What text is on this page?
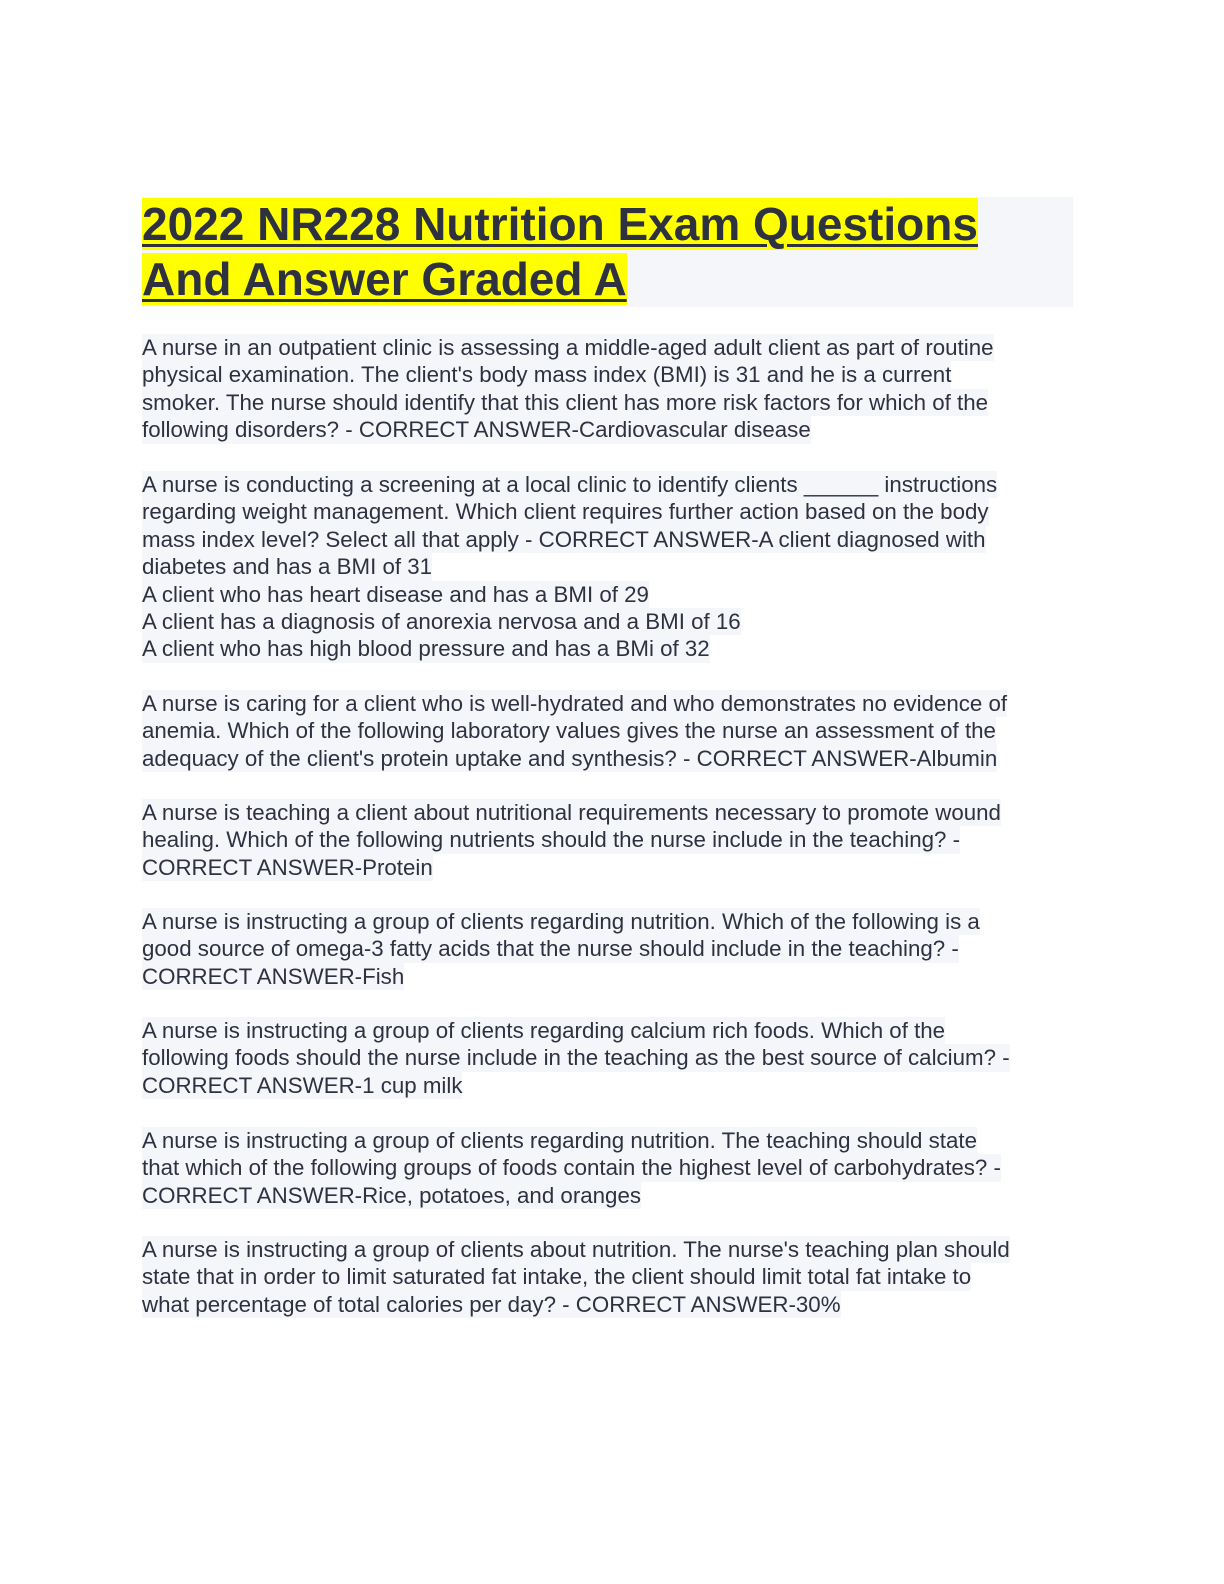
2022 NR228 Nutrition Exam Questions
And Answer Graded A
A nurse in an outpatient clinic is assessing a middle-aged adult client as part of routine
physical examination. The client's body mass index (BMI) is 31 and he is a current
smoker. The nurse should identify that this client has more risk factors for which of the
following disorders? - CORRECT ANSWER-Cardiovascular disease
A nurse is conducting a screening at a local clinic to identify clients ______ instructions
regarding weight management. Which client requires further action based on the body
mass index level? Select all that apply - CORRECT ANSWER-A client diagnosed with
diabetes and has a BMI of 31
A client who has heart disease and has a BMI of 29
A client has a diagnosis of anorexia nervosa and a BMI of 16
A client who has high blood pressure and has a BMi of 32
A nurse is caring for a client who is well-hydrated and who demonstrates no evidence of
anemia. Which of the following laboratory values gives the nurse an assessment of the
adequacy of the client's protein uptake and synthesis? - CORRECT ANSWER-Albumin
A nurse is teaching a client about nutritional requirements necessary to promote wound
healing. Which of the following nutrients should the nurse include in the teaching? -
CORRECT ANSWER-Protein
A nurse is instructing a group of clients regarding nutrition. Which of the following is a
good source of omega-3 fatty acids that the nurse should include in the teaching? -
CORRECT ANSWER-Fish
A nurse is instructing a group of clients regarding calcium rich foods. Which of the
following foods should the nurse include in the teaching as the best source of calcium? -
CORRECT ANSWER-1 cup milk
A nurse is instructing a group of clients regarding nutrition. The teaching should state
that which of the following groups of foods contain the highest level of carbohydrates? -
CORRECT ANSWER-Rice, potatoes, and oranges
A nurse is instructing a group of clients about nutrition. The nurse's teaching plan should
state that in order to limit saturated fat intake, the client should limit total fat intake to
what percentage of total calories per day? - CORRECT ANSWER-30%
